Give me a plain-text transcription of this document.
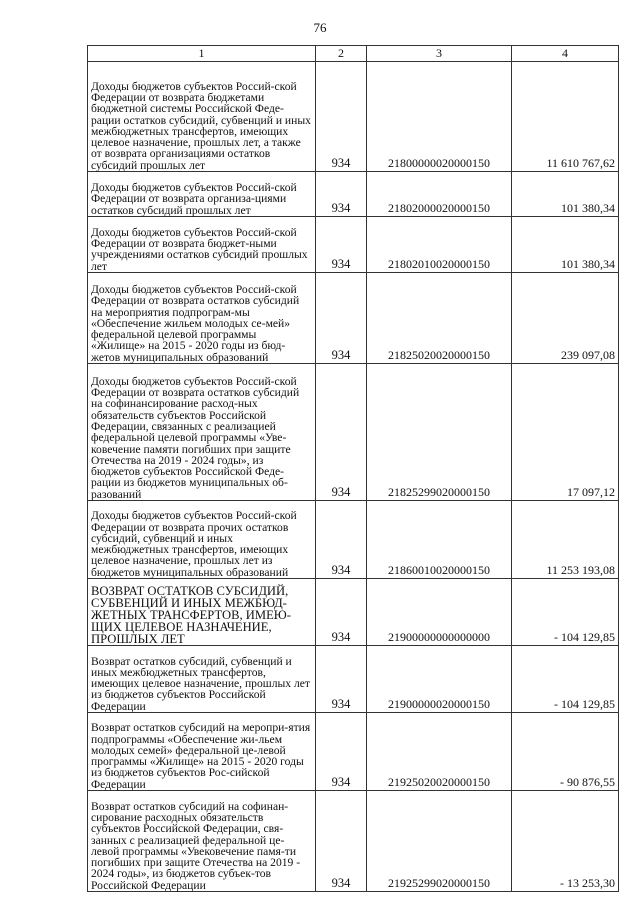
76
1	2	3	4
Доходы бюджетов субъектов Россий-ской Федерации от возврата бюджетами бюджетной системы Российской Феде-рации остатков субсидий, субвенций и иных межбюджетных трансфертов, имеющих целевое назначение, прошлых лет, а также от возврата организациями остатков субсидий прошлых лет	934	21800000020000150	11 610 767,62
Доходы бюджетов субъектов Россий-ской Федерации от возврата организа-циями остатков субсидий прошлых лет	934	21802000020000150	101 380,34
Доходы бюджетов субъектов Россий-ской Федерации от возврата бюджет-ными учреждениями остатков субсидий прошлых лет	934	21802010020000150	101 380,34
Доходы бюджетов субъектов Россий-ской Федерации от возврата остатков субсидий на мероприятия подпрограм-мы «Обеспечение жильем молодых се-мей» федеральной целевой программы «Жилище» на 2015 - 2020 годы из бюд-жетов муниципальных образований	934	21825020020000150	239 097,08
Доходы бюджетов субъектов Россий-ской Федерации от возврата остатков субсидий на софинансирование расход-ных обязательств субъектов Российской Федерации, связанных с реализацией федеральной целевой программы «Уве-ковечение памяти погибших при защите Отечества на 2019 - 2024 годы», из бюджетов субъектов Российской Феде-рации из бюджетов муниципальных об-разований	934	21825299020000150	17 097,12
Доходы бюджетов субъектов Россий-ской Федерации от возврата прочих остатков субсидий, субвенций и иных межбюджетных трансфертов, имеющих целевое назначение, прошлых лет из бюджетов муниципальных образований	934	21860010020000150	11 253 193,08
ВОЗВРАТ ОСТАТКОВ СУБСИДИЙ, СУБВЕНЦИЙ И ИНЫХ МЕЖБЮД-ЖЕТНЫХ ТРАНСФЕРТОВ, ИМЕЮ-ЩИХ ЦЕЛЕВОЕ НАЗНАЧЕНИЕ, ПРОШЛЫХ ЛЕТ	934	21900000000000000	- 104 129,85
Возврат остатков субсидий, субвенций и иных межбюджетных трансфертов, имеющих целевое назначение, прошлых лет из бюджетов субъектов Российской Федерации	934	21900000020000150	- 104 129,85
Возврат остатков субсидий на меропри-ятия подпрограммы «Обеспечение жи-льем молодых семей» федеральной це-левой программы «Жилище» на 2015 - 2020 годы из бюджетов субъектов Рос-сийской Федерации	934	21925020020000150	- 90 876,55
Возврат остатков субсидий на софинан-сирование расходных обязательств субъектов Российской Федерации, свя-занных с реализацией федеральной це-левой программы «Увековечение памя-ти погибших при защите Отечества на 2019 - 2024 годы», из бюджетов субъек-тов Российской Федерации	934	21925299020000150	- 13 253,30
